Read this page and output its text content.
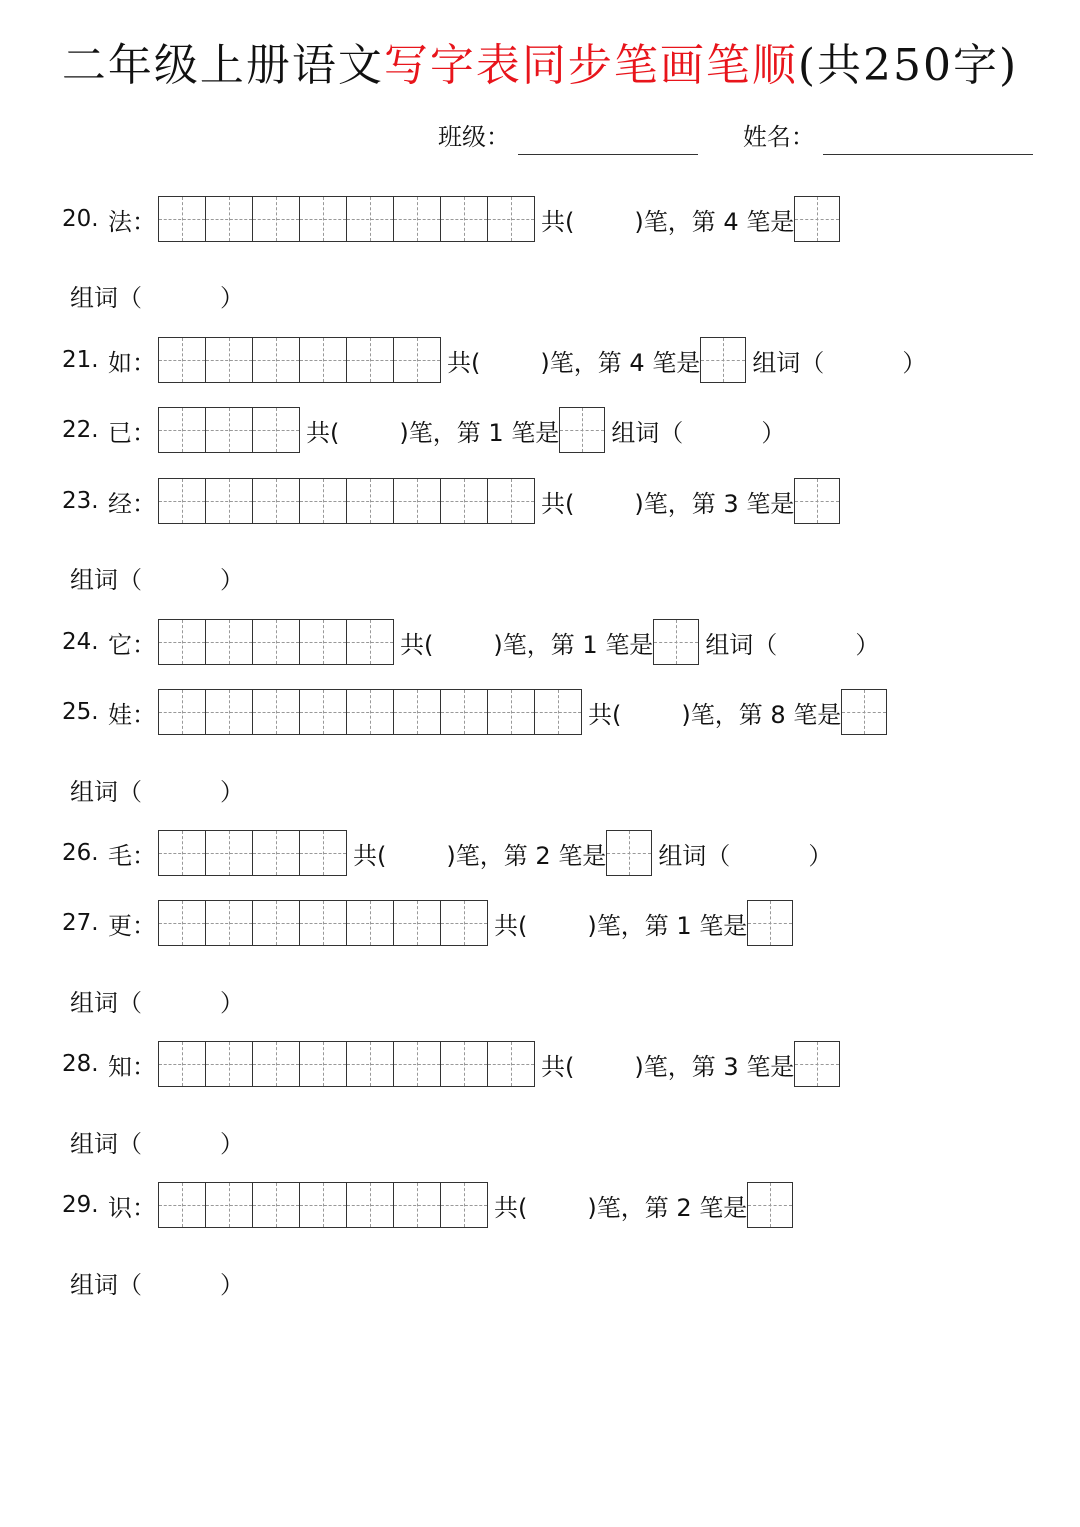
二年级上册语文写字表同步笔画笔顺(共250字)
班级：	姓名：
20. 法：	共(	)笔，第 4 笔是
组词（	）
21. 如：	共(	)笔，第 4 笔是 组词（	）
22. 已：	共(	)笔，第 1 笔是 组词（	）
23. 经：	共(	)笔，第 3 笔是
组词（	）
24. 它：	共(	)笔，第 1 笔是 组词（	）
25. 娃：	共(	)笔，第 8 笔是
组词（	）
26. 毛：	共(	)笔，第 2 笔是 组词（	）
27. 更：	共(	)笔，第 1 笔是
组词（	）
28. 知：	共(	)笔，第 3 笔是
组词（	）
29. 识：	共(	)笔，第 2 笔是
组词（	）
